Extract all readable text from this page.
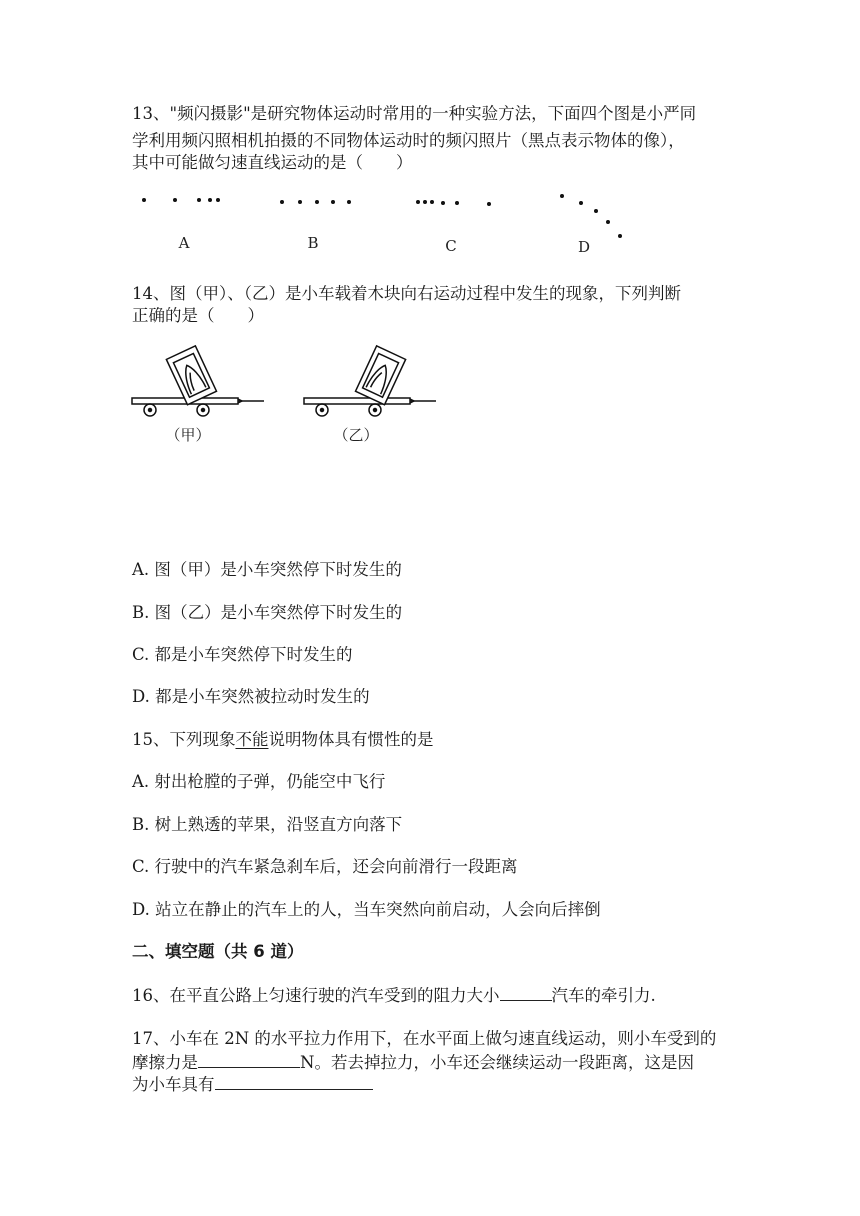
13、"频闪摄影"是研究物体运动时常用的一种实验方法，下面四个图是小严同
学利用频闪照相机拍摄的不同物体运动时的频闪照片（黑点表示物体的像），
其中可能做匀速直线运动的是（　　）
A	B	C	D
14、图（甲）、（乙）是小车载着木块向右运动过程中发生的现象，下列判断
正确的是（　　）
（甲）	（乙）
A. 图（甲）是小车突然停下时发生的
B. 图（乙）是小车突然停下时发生的
C. 都是小车突然停下时发生的
D. 都是小车突然被拉动时发生的
15、下列现象不能说明物体具有惯性的是
A. 射出枪膛的子弹，仍能空中飞行
B. 树上熟透的苹果，沿竖直方向落下
C. 行驶中的汽车紧急刹车后，还会向前滑行一段距离
D. 站立在静止的汽车上的人，当车突然向前启动，人会向后摔倒
二、填空题（共 6 道）
16、在平直公路上匀速行驶的汽车受到的阻力大小	汽车的牵引力.
17、小车在 2N 的水平拉力作用下，在水平面上做匀速直线运动，则小车受到的
摩擦力是	N。若去掉拉力，小车还会继续运动一段距离，这是因
为小车具有
